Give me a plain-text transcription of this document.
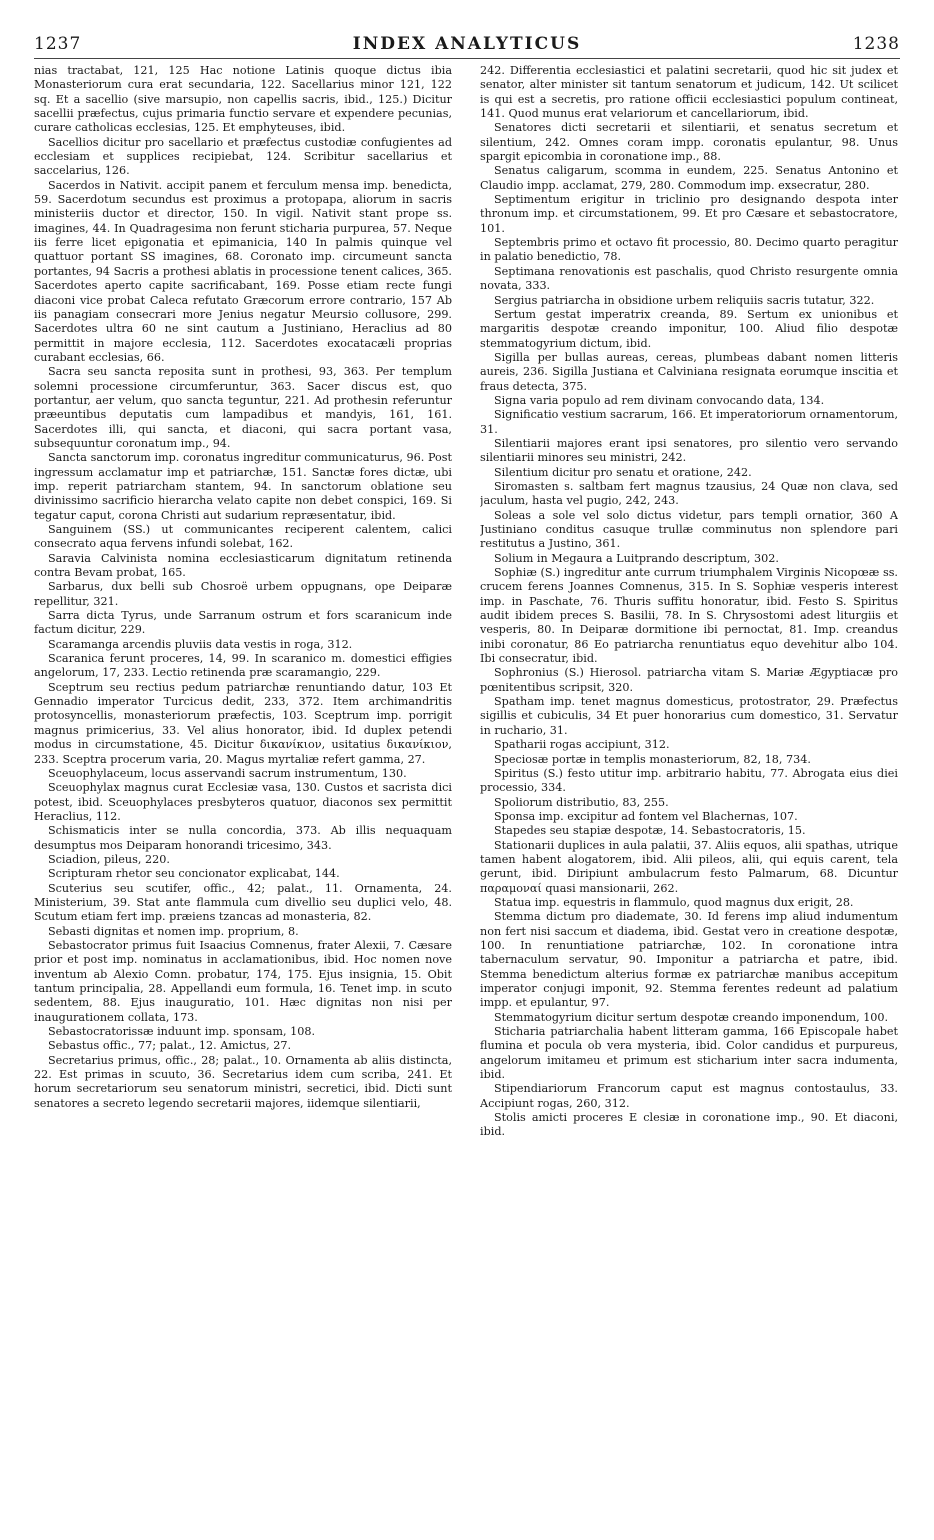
1237	INDEX ANALYTICUS	1238

nias tractabat, 121, 125 Hac notione Latinis quoque dictus ibia Monasteriorum cura erat secundaria, 122. Sacellarius minor 121, 122 sq. Et a sacellio (sive marsupio, non capellis sacris, ibid., 125.) Dicitur sacellii præfectus, cujus primaria functio servare et expendere pecunias, curare catholicas ecclesias, 125. Et emphyteuses, ibid.

Sacellios dicitur pro sacellario et præfectus custodiæ confugientes ad ecclesiam et supplices recipiebat, 124. Scribitur sacellarius et saccelarius, 126.

Sacerdos in Nativit. accipit panem et ferculum mensa imp. benedicta, 59. Sacerdotum secundus est proximus a protopapa, aliorum in sacris ministeriis ductor et director, 150. In vigil. Nativit stant prope ss. imagines, 44. In Quadragesima non ferunt sticharia purpurea, 57. Neque iis ferre licet epigonatia et epimanicia, 140 In palmis quinque vel quattuor portant SS imagines, 68. Coronato imp. circumeunt sancta portantes, 94 Sacris a prothesi ablatis in processione tenent calices, 365. Sacerdotes aperto capite sacrificabant, 169. Posse etiam recte fungi diaconi vice probat Caleca refutato Græcorum errore contrario, 157 Ab iis panagiam consecrari more Jenius negatur Meursio collusore, 299. Sacerdotes ultra 60 ne sint cautum a Justiniano, Heraclius ad 80 permittit in majore ecclesia, 112. Sacerdotes exocatacæli proprias curabant ecclesias, 66.

Sacra seu sancta reposita sunt in prothesi, 93, 363. Per templum solemni processione circumferuntur, 363. Sacer discus est, quo portantur, aer velum, quo sancta teguntur, 221. Ad prothesin referuntur præeuntibus deputatis cum lampadibus et mandyis, 161, 161. Sacerdotes illi, qui sancta, et diaconi, qui sacra portant vasa, subsequuntur coronatum imp., 94.

Sancta sanctorum imp. coronatus ingreditur communicaturus, 96. Post ingressum acclamatur imp et patriarchæ, 151. Sanctæ fores dictæ, ubi imp. reperit patriarcham stantem, 94. In sanctorum oblatione seu divinissimo sacrificio hierarcha velato capite non debet conspici, 169. Si tegatur caput, corona Christi aut sudarium repræsentatur, ibid.

Sanguinem (SS.) ut communicantes reciperent calentem, calici consecrato aqua fervens infundi solebat, 162.

Saravia Calvinista nomina ecclesiasticarum dignitatum retinenda contra Bevam probat, 165.

Sarbarus, dux belli sub Chosroë urbem oppugnans, ope Deiparæ repellitur, 321.

Sarra dicta Tyrus, unde Sarranum ostrum et fors scaranicum inde factum dicitur, 229.

Scaramanga arcendis pluviis data vestis in roga, 312.

Scaranica ferunt proceres, 14, 99. In scaranico m. domestici effigies angelorum, 17, 233. Lectio retinenda præ scaramangio, 229.

Sceptrum seu rectius pedum patriarchæ renuntiando datur, 103 Et Gennadio imperator Turcicus dedit, 233, 372. Item archimandritis protosyncellis, monasteriorum præfectis, 103. Sceptrum imp. porrigit magnus primicerius, 33. Vel alius honorator, ibid. Id duplex petendi modus in circumstatione, 45. Dicitur δικανίκιον, usitatius δικανίκιον, 233. Sceptra procerum varia, 20. Magus myrtaliæ refert gamma, 27.

Sceuophylaceum, locus asservandi sacrum instrumentum, 130.

Sceuophylax magnus curat Ecclesiæ vasa, 130. Custos et sacrista dici potest, ibid. Sceuophylaces presbyteros quatuor, diaconos sex permittit Heraclius, 112.

Schismaticis inter se nulla concordia, 373. Ab illis nequaquam desumptus mos Deiparam honorandi tricesimo, 343.

Sciadion, pileus, 220.

Scripturam rhetor seu concionator explicabat, 144.

Scuterius seu scutifer, offic., 42; palat., 11. Ornamenta, 24. Ministerium, 39. Stat ante flammula cum divellio seu duplici velo, 48. Scutum etiam fert imp. præiens tzancas ad monasteria, 82.

Sebasti dignitas et nomen imp. proprium, 8.

Sebastocrator primus fuit Isaacius Comnenus, frater Alexii, 7. Cæsare prior et post imp. nominatus in acclamationibus, ibid. Hoc nomen nove inventum ab Alexio Comn. probatur, 174, 175. Ejus insignia, 15. Obit tantum principalia, 28. Appellandi eum formula, 16. Tenet imp. in scuto sedentem, 88. Ejus inauguratio, 101. Hæc dignitas non nisi per inaugurationem collata, 173.

Sebastocratorissæ induunt imp. sponsam, 108.

Sebastus offic., 77; palat., 12. Amictus, 27.

Secretarius primus, offic., 28; palat., 10. Ornamenta ab aliis distincta, 22. Est primas in scuuto, 36. Secretarius idem cum scriba, 241. Et horum secretariorum seu senatorum ministri, secretici, ibid. Dicti sunt senatores a secreto legendo secretarii majores, iidemque silentiarii,

242. Differentia ecclesiastici et palatini secretarii, quod hic sit judex et senator, alter minister sit tantum senatorum et judicum, 142. Ut scilicet is qui est a secretis, pro ratione officii ecclesiastici populum contineat, 141. Quod munus erat velariorum et cancellariorum, ibid.

Senatores dicti secretarii et silentiarii, et senatus secretum et silentium, 242. Omnes coram impp. coronatis epulantur, 98. Unus spargit epicombia in coronatione imp., 88.

Senatus caligarum, scomma in eundem, 225. Senatus Antonino et Claudio impp. acclamat, 279, 280. Commodum imp. exsecratur, 280.

Septimentum erigitur in triclinio pro designando despota inter thronum imp. et circumstationem, 99. Et pro Cæsare et sebastocratore, 101.

Septembris primo et octavo fit processio, 80. Decimo quarto peragitur in palatio benedictio, 78.

Septimana renovationis est paschalis, quod Christo resurgente omnia novata, 333.

Sergius patriarcha in obsidione urbem reliquiis sacris tutatur, 322.

Sertum gestat imperatrix creanda, 89. Sertum ex unionibus et margaritis despotæ creando imponitur, 100. Aliud filio despotæ stemmatogyrium dictum, ibid.

Sigilla per bullas aureas, cereas, plumbeas dabant nomen litteris aureis, 236. Sigilla Justiana et Calviniana resignata eorumque inscitia et fraus detecta, 375.

Signa varia populo ad rem divinam convocando data, 134.

Significatio vestium sacrarum, 166. Et imperatoriorum ornamentorum, 31.

Silentiarii majores erant ipsi senatores, pro silentio vero servando silentiarii minores seu ministri, 242.

Silentium dicitur pro senatu et oratione, 242.

Siromasten s. saltbam fert magnus tzausius, 24 Quæ non clava, sed jaculum, hasta vel pugio, 242, 243.

Soleas a sole vel solo dictus videtur, pars templi ornatior, 360 A Justiniano conditus casuque trullæ comminutus non splendore pari restitutus a Justino, 361.

Solium in Megaura a Luitprando descriptum, 302.

Sophiæ (S.) ingreditur ante currum triumphalem Virginis Nicopœæ ss. crucem ferens Joannes Comnenus, 315. In S. Sophiæ vesperis interest imp. in Paschate, 76. Thuris suffitu honoratur, ibid. Festo S. Spiritus audit ibidem preces S. Basilii, 78. In S. Chrysostomi adest liturgiis et vesperis, 80. In Deiparæ dormitione ibi pernoctat, 81. Imp. creandus inibi coronatur, 86 Eo patriarcha renuntiatus equo devehitur albo 104. Ibi consecratur, ibid.

Sophronius (S.) Hierosol. patriarcha vitam S. Mariæ Ægyptiacæ pro pœnitentibus scripsit, 320.

Spatham imp. tenet magnus domesticus, protostrator, 29. Præfectus sigillis et cubiculis, 34 Et puer honorarius cum domestico, 31. Servatur in ruchario, 31.

Spatharii rogas accipiunt, 312.

Speciosæ portæ in templis monasteriorum, 82, 18, 734.

Spiritus (S.) festo utitur imp. arbitrario habitu, 77. Abrogata eius diei processio, 334.

Spoliorum distributio, 83, 255.

Sponsa imp. excipitur ad fontem vel Blachernas, 107.

Stapedes seu stapiæ despotæ, 14. Sebastocratoris, 15.

Stationarii duplices in aula palatii, 37. Aliis equos, alii spathas, utrique tamen habent alogatorem, ibid. Alii pileos, alii, qui equis carent, tela gerunt, ibid. Diripiunt ambulacrum festo Palmarum, 68. Dicuntur παραμοναί quasi mansionarii, 262.

Statua imp. equestris in flammulo, quod magnus dux erigit, 28.

Stemma dictum pro diademate, 30. Id ferens imp aliud indumentum non fert nisi saccum et diadema, ibid. Gestat vero in creatione despotæ, 100. In renuntiatione patriarchæ, 102. In coronatione intra tabernaculum servatur, 90. Imponitur a patriarcha et patre, ibid. Stemma benedictum alterius formæ ex patriarchæ manibus accepitum imperator conjugi imponit, 92. Stemma ferentes redeunt ad palatium impp. et epulantur, 97.

Stemmatogyrium dicitur sertum despotæ creando imponendum, 100.

Sticharia patriarchalia habent litteram gamma, 166 Episcopale habet flumina et pocula ob vera mysteria, ibid. Color candidus et purpureus, angelorum imitameu et primum est sticharium inter sacra indumenta, ibid.

Stipendiariorum Francorum caput est magnus contostaulus, 33. Accipiunt rogas, 260, 312.

Stolis amicti proceres E clesiæ in coronatione imp., 90. Et diaconi, ibid.
